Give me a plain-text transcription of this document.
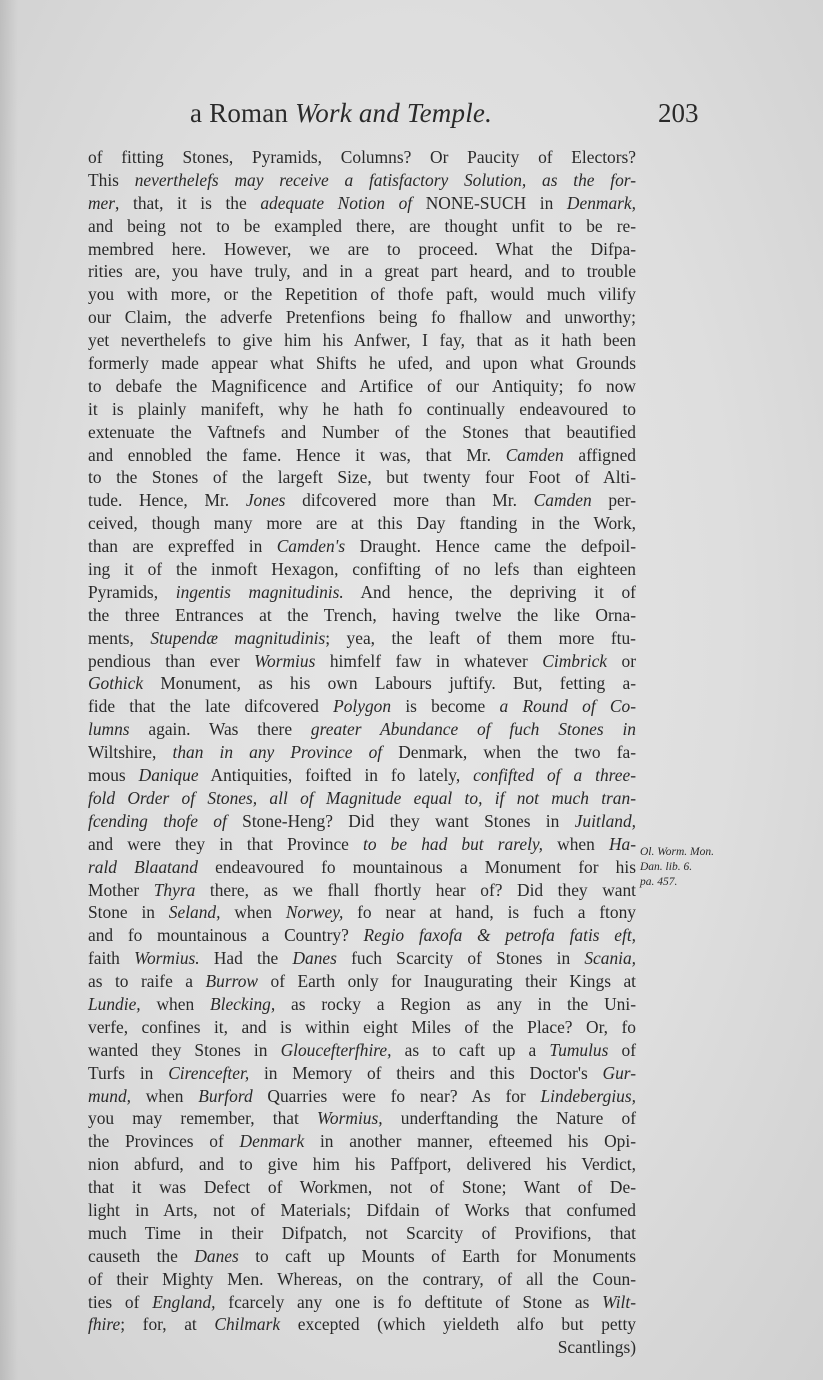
a Roman Work and Temple.	203
of fitting Stones, Pyramids, Columns? Or Paucity of Electors?
This neverthelefs may receive a fatisfactory Solution, as the for-
mer, that, it is the adequate Notion of NONE-SUCH in Denmark,
and being not to be exampled there, are thought unfit to be re-
membred here. However, we are to proceed. What the Difpa-
rities are, you have truly, and in a great part heard, and to trouble
you with more, or the Repetition of thofe paft, would much vilify
our Claim, the adverfe Pretenfions being fo fhallow and unworthy;
yet neverthelefs to give him his Anfwer, I fay, that as it hath been
formerly made appear what Shifts he ufed, and upon what Grounds
to debafe the Magnificence and Artifice of our Antiquity; fo now
it is plainly manifeft, why he hath fo continually endeavoured to
extenuate the Vaftnefs and Number of the Stones that beautified
and ennobled the fame. Hence it was, that Mr. Camden affigned
to the Stones of the largeft Size, but twenty four Foot of Alti-
tude. Hence, Mr. Jones difcovered more than Mr. Camden per-
ceived, though many more are at this Day ftanding in the Work,
than are expreffed in Camden's Draught. Hence came the defpoil-
ing it of the inmoft Hexagon, confifting of no lefs than eighteen
Pyramids, ingentis magnitudinis. And hence, the depriving it of
the three Entrances at the Trench, having twelve the like Orna-
ments, Stupendæ magnitudinis; yea, the leaft of them more ftu-
pendious than ever Wormius himfelf faw in whatever Cimbrick or
Gothick Monument, as his own Labours juftify. But, fetting a-
fide that the late difcovered Polygon is become a Round of Co-
lumns again. Was there greater Abundance of fuch Stones in
Wiltshire, than in any Province of Denmark, when the two fa-
mous Danique Antiquities, foifted in fo lately, confifted of a three-
fold Order of Stones, all of Magnitude equal to, if not much tran-
fcending thofe of Stone-Heng? Did they want Stones in Juitland,
and were they in that Province to be had but rarely, when Ha-
rald Blaatand endeavoured fo mountainous a Monument for his
Mother Thyra there, as we fhall fhortly hear of? Did they want
Stone in Seland, when Norwey, fo near at hand, is fuch a ftony
and fo mountainous a Country? Regio faxofa & petrofa fatis eft,
faith Wormius. Had the Danes fuch Scarcity of Stones in Scania,
as to raife a Burrow of Earth only for Inaugurating their Kings at
Lundie, when Blecking, as rocky a Region as any in the Uni-
verfe, confines it, and is within eight Miles of the Place? Or, fo
wanted they Stones in Gloucefterfhire, as to caft up a Tumulus of
Turfs in Cirencefter, in Memory of theirs and this Doctor's Gur-
mund, when Burford Quarries were fo near? As for Lindebergius,
you may remember, that Wormius, underftanding the Nature of
the Provinces of Denmark in another manner, efteemed his Opi-
nion abfurd, and to give him his Paffport, delivered his Verdict,
that it was Defect of Workmen, not of Stone; Want of De-
light in Arts, not of Materials; Difdain of Works that confumed
much Time in their Difpatch, not Scarcity of Provifions, that
causeth the Danes to caft up Mounts of Earth for Monuments
of their Mighty Men. Whereas, on the contrary, of all the Coun-
ties of England, fcarcely any one is fo deftitute of Stone as Wilt-
fhire; for, at Chilmark excepted (which yieldeth alfo but petty
Scantlings)
Ol. Worm. Mon.
Dan. lib. 6.
pa. 457.
